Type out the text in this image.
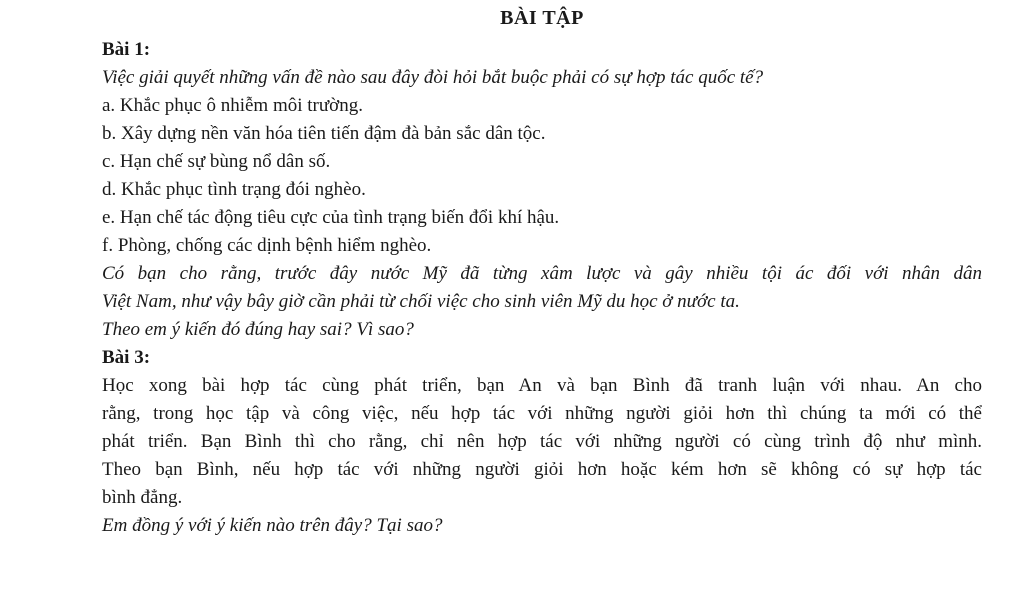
BÀI TẬP
Bài 1:
Việc giải quyết những vấn đề nào sau đây đòi hỏi bắt buộc phải có sự hợp tác quốc tế?
a. Khắc phục ô nhiễm môi trường.
b. Xây dựng nền văn hóa tiên tiến đậm đà bản sắc dân tộc.
c. Hạn chế sự bùng nổ dân số.
d. Khắc phục tình trạng đói nghèo.
e. Hạn chế tác động tiêu cực của tình trạng biến đổi khí hậu.
f. Phòng, chống các dịnh bệnh hiểm nghèo.
Có bạn cho rằng, trước đây nước Mỹ đã từng xâm lược và gây nhiều tội ác đối với nhân dân
Việt Nam, như vậy bây giờ cần phải từ chối việc cho sinh viên Mỹ du học ở nước ta.
Theo em ý kiến đó đúng hay sai? Vì sao?
Bài 3:
Học xong bài hợp tác cùng phát triển, bạn An và bạn Bình đã tranh luận với nhau. An cho
rằng, trong học tập và công việc, nếu hợp tác với những người giỏi hơn thì chúng ta mới có thể
phát triển. Bạn Bình thì cho rằng, chỉ nên hợp tác với những người có cùng trình độ như mình.
Theo bạn Bình, nếu hợp tác với những người giỏi hơn hoặc kém hơn sẽ không có sự hợp tác
bình đẳng.
Em đồng ý với ý kiến nào trên đây? Tại sao?
